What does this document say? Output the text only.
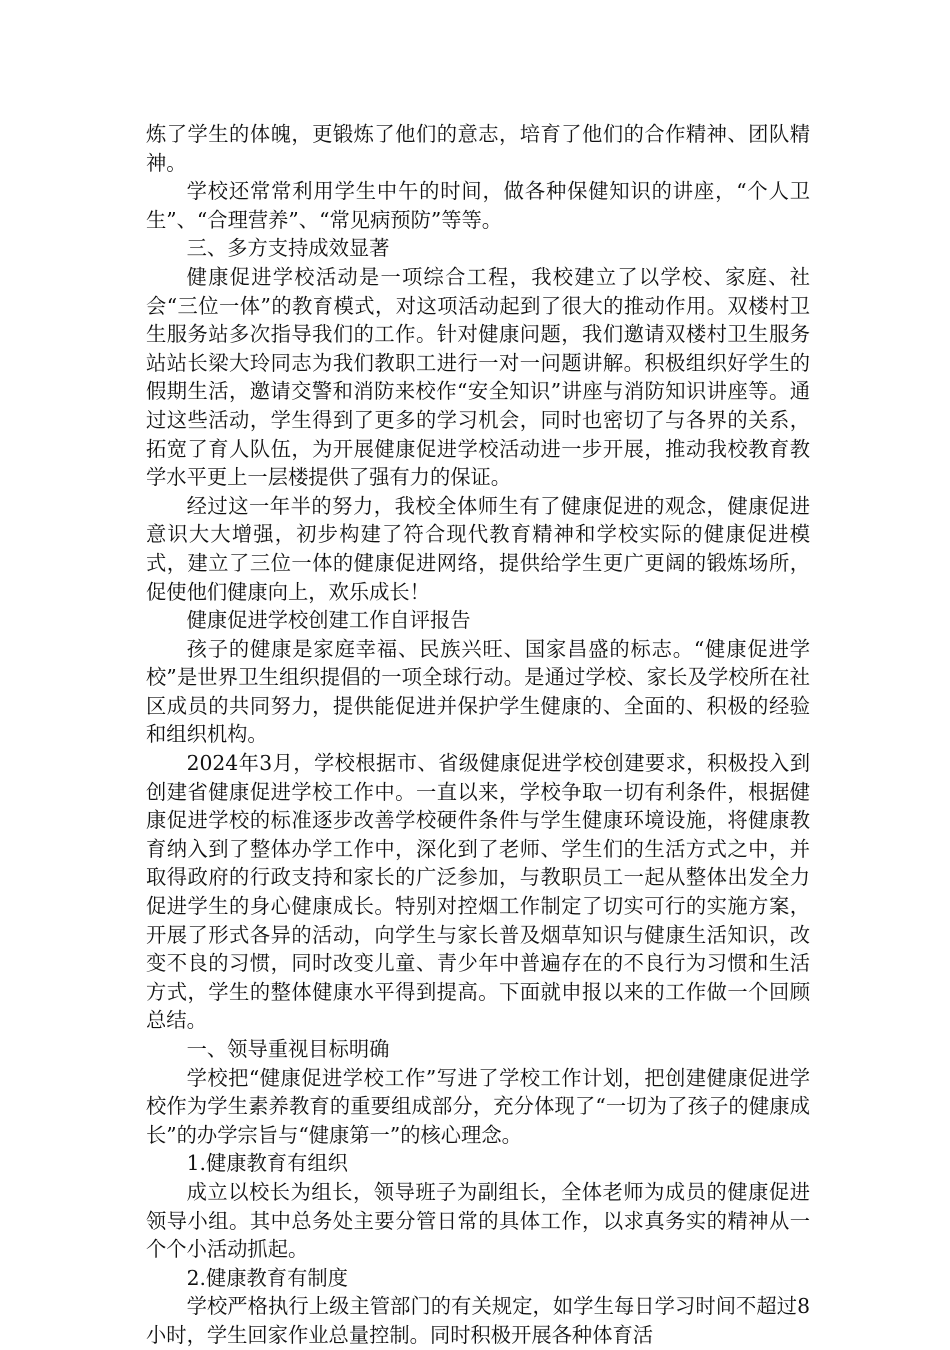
炼了学生的体魄，更锻炼了他们的意志，培育了他们的合作精神、团队精神。

学校还常常利用学生中午的时间，做各种保健知识的讲座，“个人卫生”、“合理营养”、“常见病预防”等等。

三、多方支持成效显著

健康促进学校活动是一项综合工程，我校建立了以学校、家庭、社会“三位一体”的教育模式，对这项活动起到了很大的推动作用。双楼村卫生服务站多次指导我们的工作。针对健康问题，我们邀请双楼村卫生服务站站长梁大玲同志为我们教职工进行一对一问题讲解。积极组织好学生的假期生活，邀请交警和消防来校作“安全知识”讲座与消防知识讲座等。通过这些活动，学生得到了更多的学习机会，同时也密切了与各界的关系，拓宽了育人队伍，为开展健康促进学校活动进一步开展，推动我校教育教学水平更上一层楼提供了强有力的保证。

经过这一年半的努力，我校全体师生有了健康促进的观念，健康促进意识大大增强，初步构建了符合现代教育精神和学校实际的健康促进模式，建立了三位一体的健康促进网络，提供给学生更广更阔的锻炼场所，促使他们健康向上，欢乐成长！

健康促进学校创建工作自评报告

孩子的健康是家庭幸福、民族兴旺、国家昌盛的标志。“健康促进学校”是世界卫生组织提倡的一项全球行动。是通过学校、家长及学校所在社区成员的共同努力，提供能促进并保护学生健康的、全面的、积极的经验和组织机构。

2024年3月，学校根据市、省级健康促进学校创建要求，积极投入到创建省健康促进学校工作中。一直以来，学校争取一切有利条件，根据健康促进学校的标准逐步改善学校硬件条件与学生健康环境设施，将健康教育纳入到了整体办学工作中，深化到了老师、学生们的生活方式之中，并取得政府的行政支持和家长的广泛参加，与教职员工一起从整体出发全力促进学生的身心健康成长。特别对控烟工作制定了切实可行的实施方案，开展了形式各异的活动，向学生与家长普及烟草知识与健康生活知识，改变不良的习惯，同时改变儿童、青少年中普遍存在的不良行为习惯和生活方式，学生的整体健康水平得到提高。下面就申报以来的工作做一个回顾总结。

一、领导重视目标明确

学校把“健康促进学校工作”写进了学校工作计划，把创建健康促进学校作为学生素养教育的重要组成部分，充分体现了“一切为了孩子的健康成长”的办学宗旨与“健康第一”的核心理念。

1.健康教育有组织

成立以校长为组长，领导班子为副组长，全体老师为成员的健康促进领导小组。其中总务处主要分管日常的具体工作，以求真务实的精神从一个个小活动抓起。

2.健康教育有制度

学校严格执行上级主管部门的有关规定，如学生每日学习时间不超过8小时，学生回家作业总量控制。同时积极开展各种体育活
